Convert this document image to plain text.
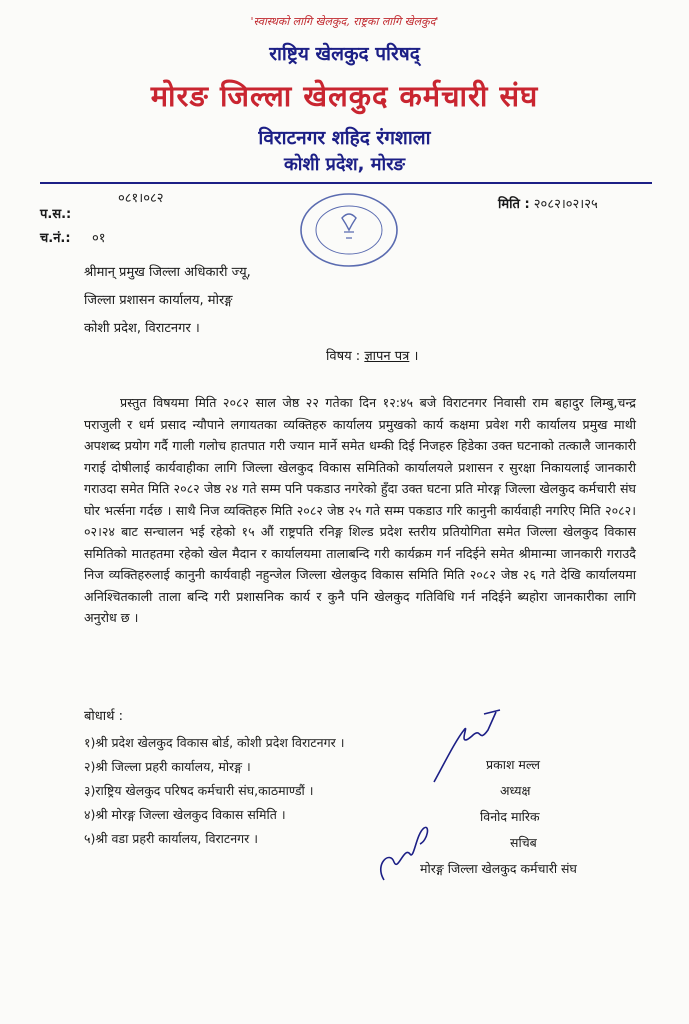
'स्वास्थको लागि खेलकुद, राष्ट्रका लागि खेलकुद'
राष्ट्रिय खेलकुद परिषद्
मोरङ जिल्ला खेलकुद कर्मचारी संघ
विराटनगर शहिद रंगशाला
कोशी प्रदेश, मोरङ
०८१।०८२
प.स.:
च.नं.: ०१
मिति : २०८२।०२।२५
श्रीमान् प्रमुख जिल्ला अधिकारी ज्यू,
जिल्ला प्रशासन कार्यालय, मोरङ्ग
कोशी प्रदेश, विराटनगर ।
विषय : ज्ञापन पत्र ।

प्रस्तुत विषयमा मिति २०८२ साल जेष्ठ २२ गतेका दिन १२:४५ बजे विराटनगर निवासी राम बहादुर लिम्बु,चन्द्र पराजुली र धर्म प्रसाद न्यौपाने लगायतका व्यक्तिहरु कार्यालय प्रमुखको कार्य कक्षमा प्रवेश गरी कार्यालय प्रमुख माथी अपशब्द प्रयोग गर्दै गाली गलोच हातपात गरी ज्यान मार्ने समेत धम्की दिई निजहरु हिडेका उक्त घटनाको तत्कालै जानकारी गराई दोषीलाई कार्यवाहीका लागि जिल्ला खेलकुद विकास समितिको कार्यालयले प्रशासन र सुरक्षा निकायलाई जानकारी गराउदा समेत मिति २०८२ जेष्ठ २४ गते सम्म पनि पकडाउ नगरेको हुँदा उक्त घटना प्रति मोरङ्ग जिल्ला खेलकुद कर्मचारी संघ घोर भर्त्सना गर्दछ । साथै निज व्यक्तिहरु मिति २०८२ जेष्ठ २५ गते सम्म पकडाउ गरि कानुनी कार्यवाही नगरिए मिति २०८२।०२।२४ बाट सन्चालन भई रहेको १५ औं राष्ट्रपति रनिङ्ग शिल्ड प्रदेश स्तरीय प्रतियोगिता समेत जिल्ला खेलकुद विकास समितिको मातहतमा रहेको खेल मैदान र कार्यालयमा तालाबन्दि गरी कार्यक्रम गर्न नदिईने समेत श्रीमान्मा जानकारी गराउदै निज व्यक्तिहरुलाई कानुनी कार्यवाही नहुन्जेल जिल्ला खेलकुद विकास समिति मिति २०८२ जेष्ठ २६ गते देखि कार्यालयमा अनिश्चितकाली ताला बन्दि गरी प्रशासनिक कार्य र कुनै पनि खेलकुद गतिविधि गर्न नदिईने ब्यहोरा जानकारीका लागि अनुरोध छ ।

बोधार्थ :
१)श्री प्रदेश खेलकुद विकास बोर्ड, कोशी प्रदेश विराटनगर ।
२)श्री जिल्ला प्रहरी कार्यालय, मोरङ्ग ।
३)राष्ट्रिय खेलकुद परिषद कर्मचारी संघ,काठमाण्डौं ।
४)श्री मोरङ्ग जिल्ला खेलकुद विकास समिति ।
५)श्री वडा प्रहरी कार्यालय, विराटनगर ।
प्रकाश मल्ल
अध्यक्ष
विनोद मारिक
सचिब
मोरङ्ग जिल्ला खेलकुद कर्मचारी संघ
